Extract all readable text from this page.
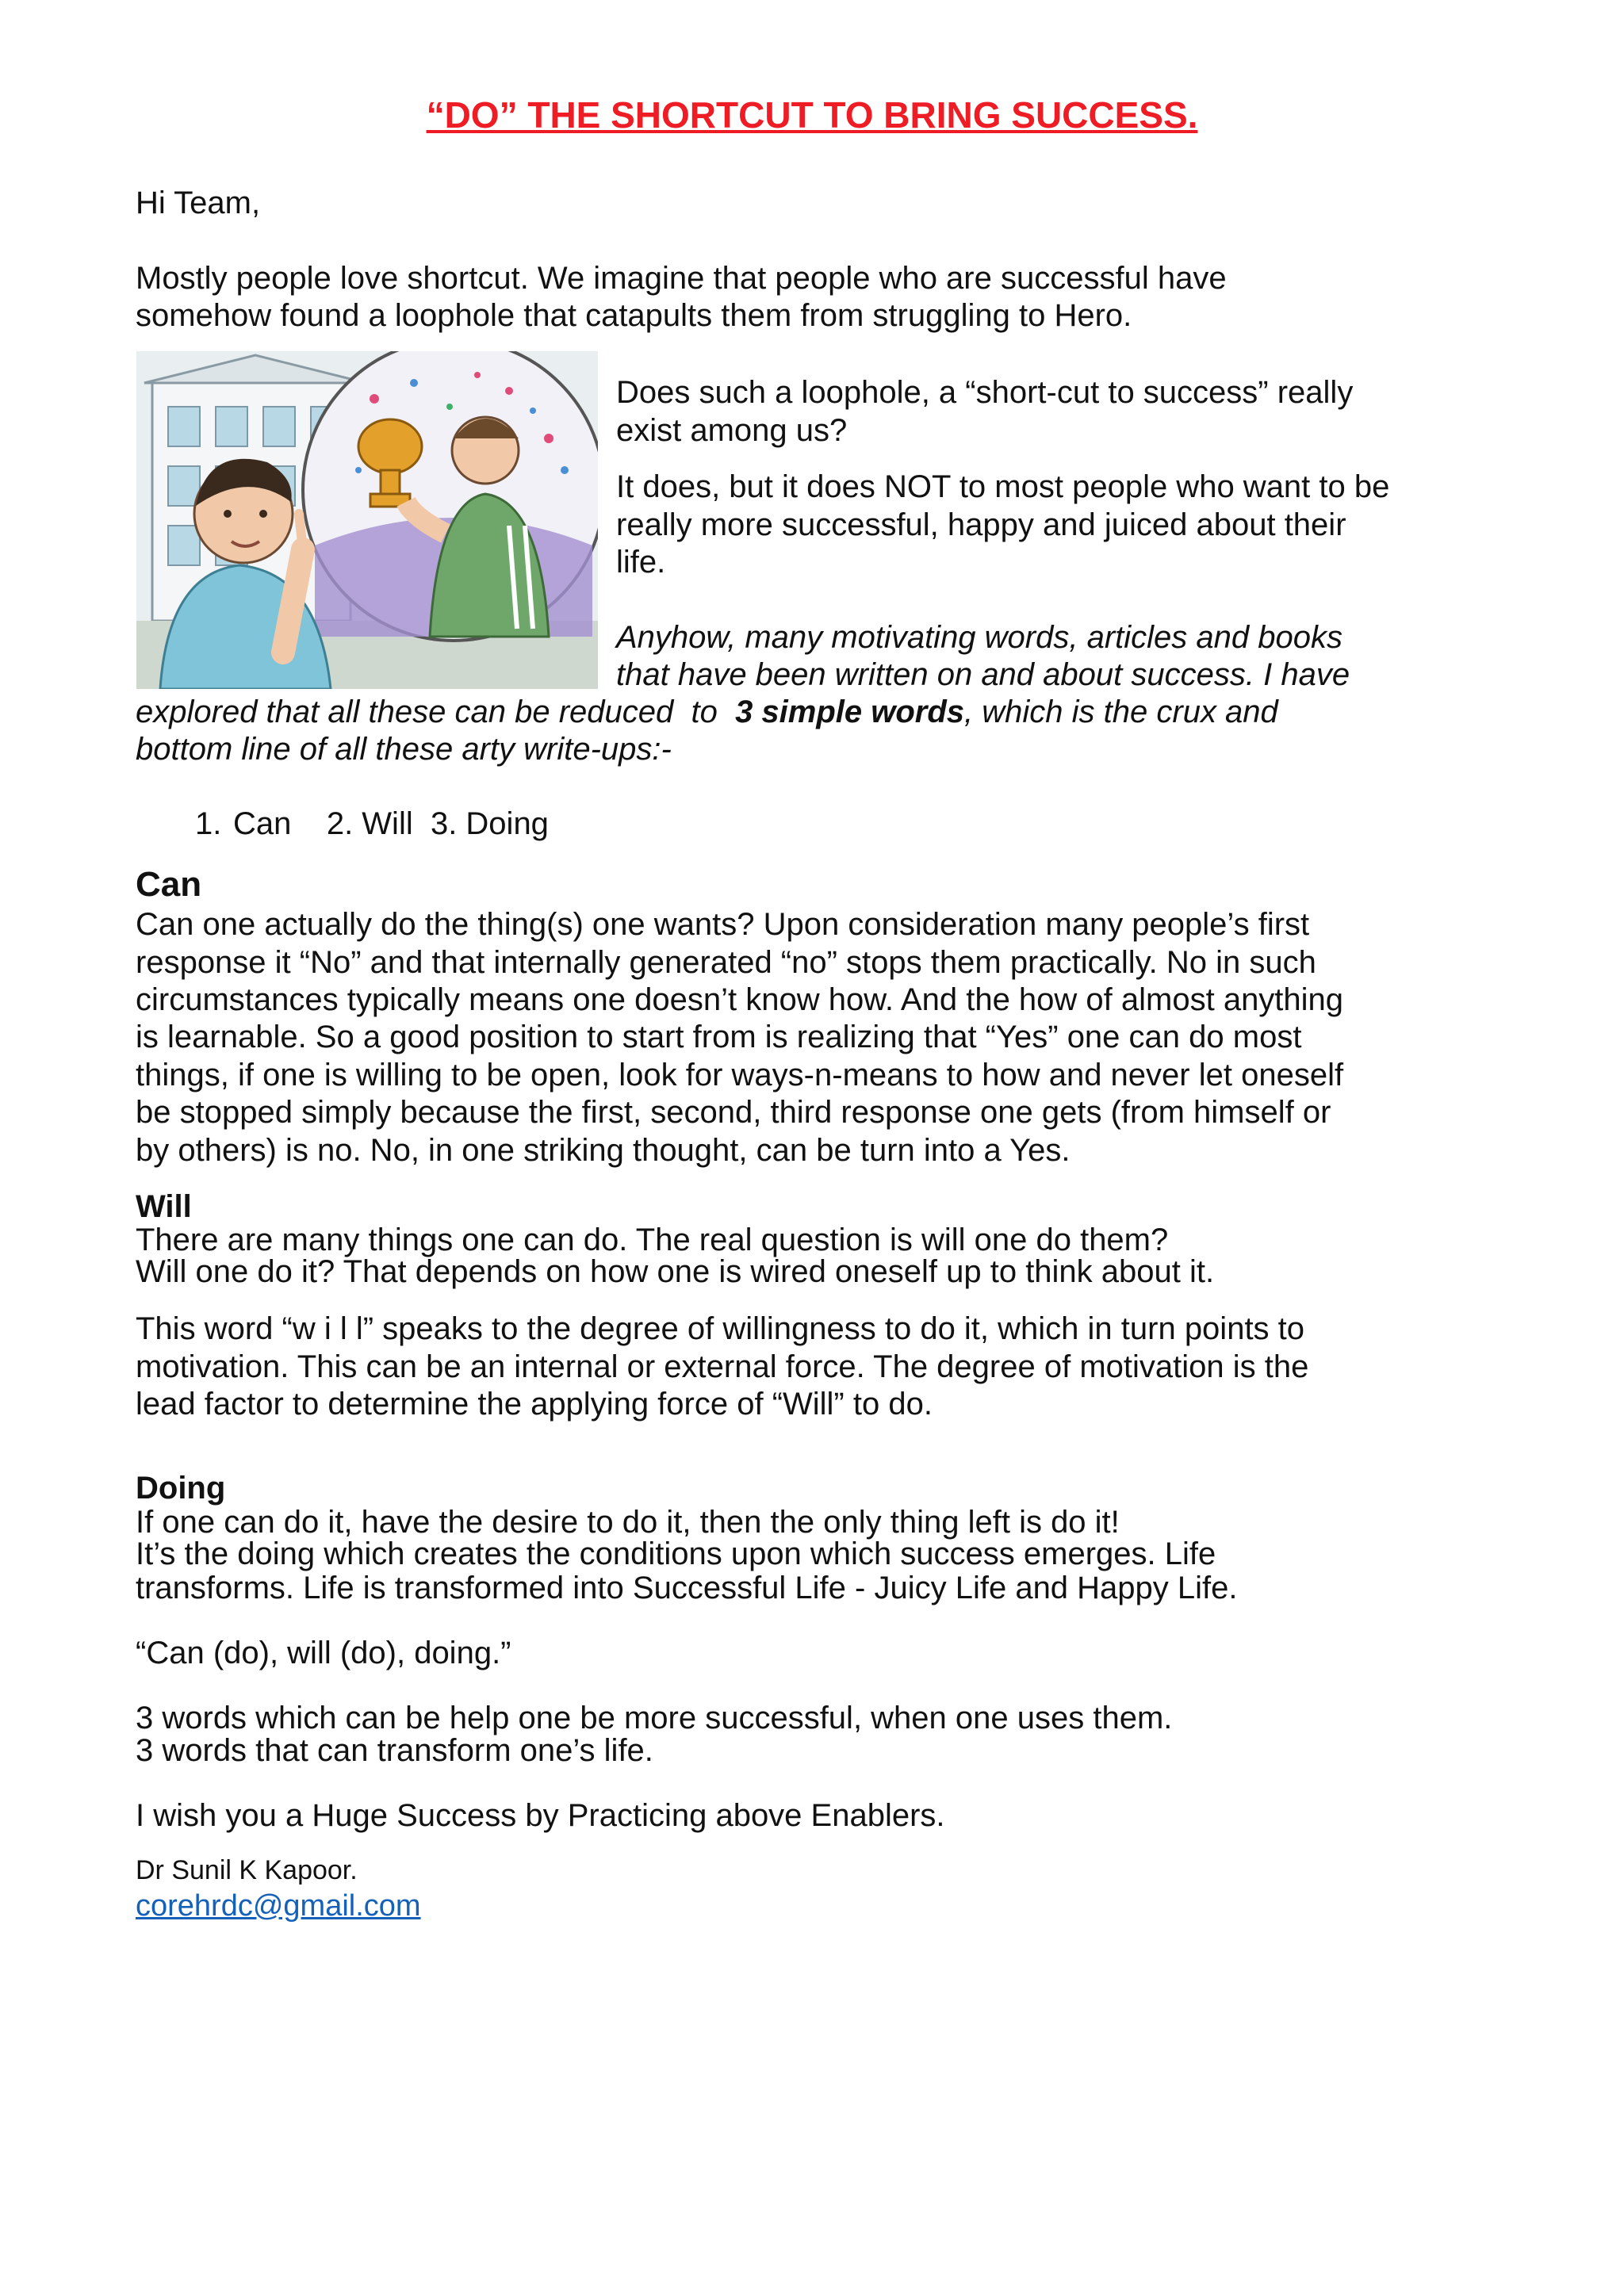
“DO” THE SHORTCUT TO BRING SUCCESS.

Hi Team,

Mostly people love shortcut. We imagine that people who are successful have

somehow found a loophole that catapults them from struggling to Hero.

Does such a loophole, a “short-cut to success” really

exist among us?

It does, but it does NOT to most people who want to be

really more successful, happy and juiced about their

life.

Anyhow, many motivating words, articles and books

that have been written on and about success. I have

explored that all these can be reduced  to  3 simple words, which is the crux and

bottom line of all these arty write-ups:-

1. Can    2. Will  3. Doing

Can

Can one actually do the thing(s) one wants? Upon consideration many people’s first

response it “No” and that internally generated “no” stops them practically. No in such

circumstances typically means one doesn’t know how. And the how of almost anything

is learnable. So a good position to start from is realizing that “Yes” one can do most

things, if one is willing to be open, look for ways-n-means to how and never let oneself

be stopped simply because the first, second, third response one gets (from himself or

by others) is no. No, in one striking thought, can be turn into a Yes.

Will

There are many things one can do. The real question is will one do them?

Will one do it? That depends on how one is wired oneself up to think about it.

This word “w i l l” speaks to the degree of willingness to do it, which in turn points to

motivation. This can be an internal or external force. The degree of motivation is the

lead factor to determine the applying force of “Will” to do.

Doing

If one can do it, have the desire to do it, then the only thing left is do it!

It’s the doing which creates the conditions upon which success emerges. Life

transforms. Life is transformed into Successful Life - Juicy Life and Happy Life.

“Can (do), will (do), doing.”

3 words which can be help one be more successful, when one uses them.

3 words that can transform one’s life.

I wish you a Huge Success by Practicing above Enablers.

Dr Sunil K Kapoor.

corehrdc@gmail.com
